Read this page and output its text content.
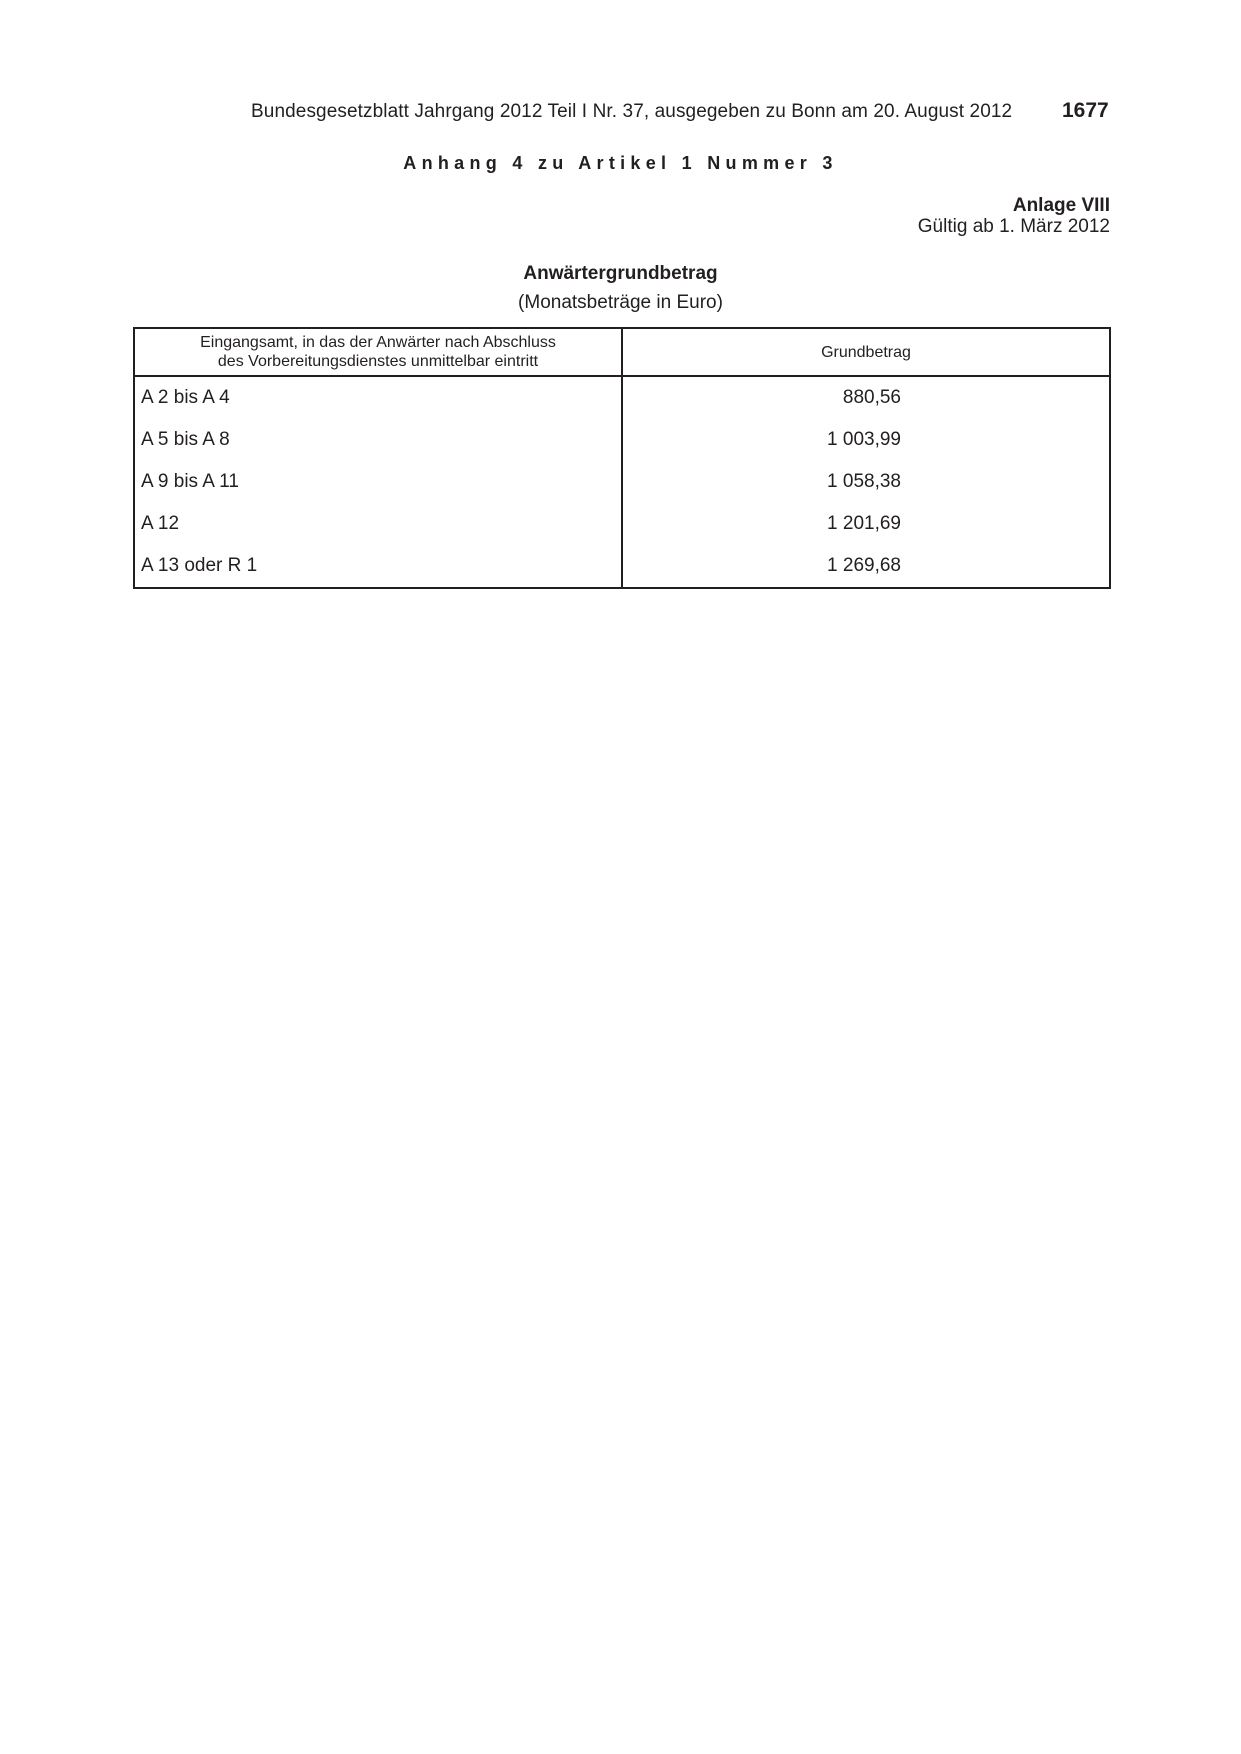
Bundesgesetzblatt Jahrgang 2012 Teil I Nr. 37, ausgegeben zu Bonn am 20. August 2012 1677
Anhang 4 zu Artikel 1 Nummer 3
Anlage VIII
Gültig ab 1. März 2012
Anwärtergrundbetrag
(Monatsbeträge in Euro)
Eingangsamt, in das der Anwärter nach Abschluss
des Vorbereitungsdienstes unmittelbar eintritt	Grundbetrag
A 2 bis A 4	880,56
A 5 bis A 8	1 003,99
A 9 bis A 11	1 058,38
A 12	1 201,69
A 13 oder R 1	1 269,68
